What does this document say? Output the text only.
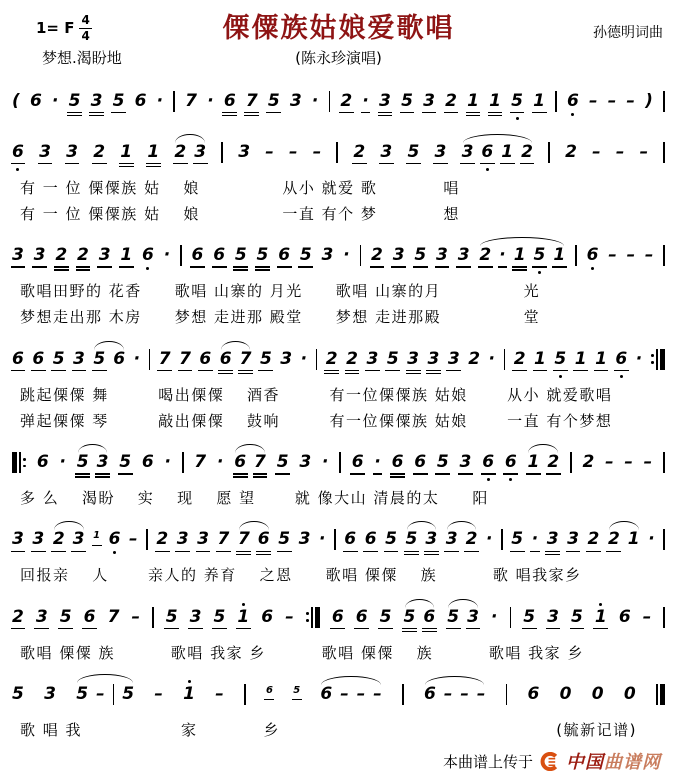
1= F $\frac{4}{4}$	傈僳族姑娘爱歌唱	孙德明词曲
梦想.渴盼地	(陈永珍演唱)
( 6 · 5 3 5 6 · 7 · 6 7 5 3 · 2 · 3 5 3 2 1 1 5 1 6 – – – )
6 3 3 2 1 1 2 3 3 – – – 2 3 5 3 3 6 1 2 2 – – –
有 一 位 傈僳族 姑　 娘　　　　　从小 就爱 歌　　　　唱
有 一 位 傈僳族 姑　 娘　　　　　一直 有个 梦　　　　想
3 3 2 2 3 1 6 · 6 6 5 5 6 5 3 · 2 3 5 3 3 2 · 1 5 1 6 – – –
歌唱田野的 花香　　歌唱 山寨的 月光　　歌唱 山寨的月　　　　　光
梦想走出那 木房　　梦想 走进那 殿堂　　梦想 走进那殿　　　　　堂
6 6 5 3 5 6 · 7 7 6 6 7 5 3 · 2 2 3 5 3 3 3 2 · 2 1 5 1 1 6 ·
跳起傈僳 舞　　　喝出傈僳　 酒香　　　有一位傈僳族 姑娘　　 从小 就爱歌唱
弹起傈僳 琴　　　敲出傈僳　 鼓响　　　有一位傈僳族 姑娘　　 一直 有个梦想
6 · 5 3 5 6 · 7 · 6 7 5 3 · 6 · 6 6 5 3 6 6 1 2 2 – – –
多 么　 渴盼　 实　 现　 愿 望　　 就 像大山 清晨的太　　阳
3 3 2 3 1 6 – 2 3 3 7 7 6 5 3 · 6 6 5 5 3 3 2 · 5 · 3 3 2 2 1 ·
回报亲　 人　　 亲人的 养育　 之恩　　歌唱 傈僳　 族　　　 歌 唱我家乡
2 3 5 6 7 – 5 3 5 1 6 – 6 6 5 5 6 5 3 · 5 3 5 1 6 –
歌唱 傈僳 族　　　 歌唱 我家 乡　　　 歌唱 傈僳　 族　　　 歌唱 我家 乡
5 3 5 – 5 – 1 –	6 5 6 – – – 6 – – – 6 0 0 0
歌 唱 我　　　　　　家　　　　乡	(毓新记谱)
本曲谱上传于 中国曲谱网
